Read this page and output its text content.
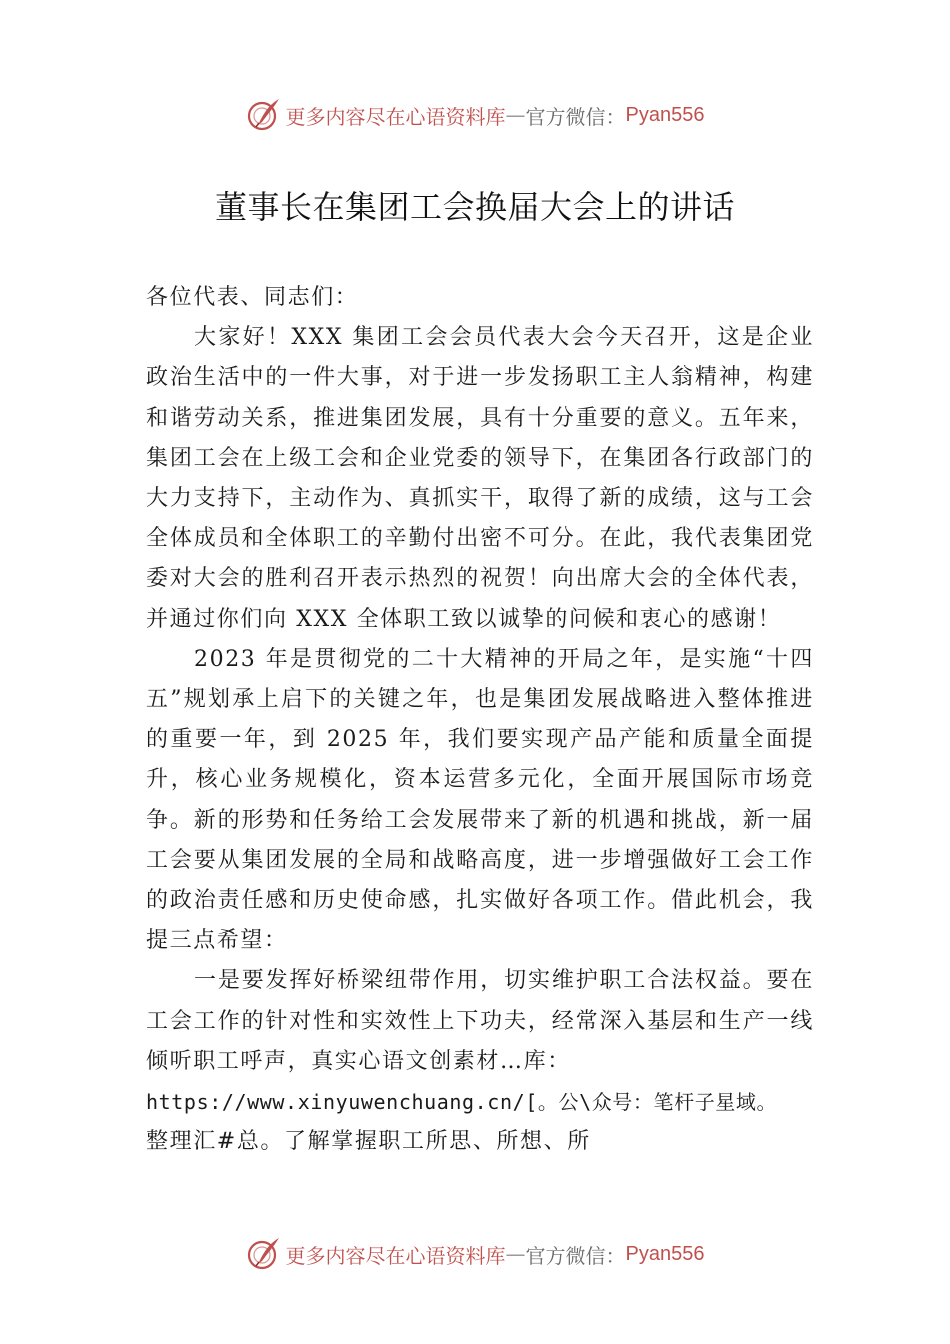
更多内容尽在心语资料库 — 官方微信： Pyan556
董事长在集团工会换届大会上的讲话

各位代表、同志们：

大家好！XXX 集团工会会员代表大会今天召开，这是企业政治生活中的一件大事，对于进一步发扬职工主人翁精神，构建和谐劳动关系，推进集团发展，具有十分重要的意义。五年来，集团工会在上级工会和企业党委的领导下，在集团各行政部门的大力支持下，主动作为、真抓实干，取得了新的成绩，这与工会全体成员和全体职工的辛勤付出密不可分。在此，我代表集团党委对大会的胜利召开表示热烈的祝贺！向出席大会的全体代表，并通过你们向 XXX 全体职工致以诚挚的问候和衷心的感谢！

2023 年是贯彻党的二十大精神的开局之年，是实施“十四五”规划承上启下的关键之年，也是集团发展战略进入整体推进的重要一年，到 2025 年，我们要实现产品产能和质量全面提升，核心业务规模化，资本运营多元化，全面开展国际市场竞争。新的形势和任务给工会发展带来了新的机遇和挑战，新一届工会要从集团发展的全局和战略高度，进一步增强做好工会工作的政治责任感和历史使命感，扎实做好各项工作。借此机会，我提三点希望：

一是要发挥好桥梁纽带作用，切实维护职工合法权益。要在工会工作的针对性和实效性上下功夫，经常深入基层和生产一线倾听职工呼声，真实心语文创素材…库：

https://www.xinyuwenchuang.cn/[。公\众号：笔杆子星域。

整理汇#总。了解掌握职工所思、所想、所

更多内容尽在心语资料库 — 官方微信： Pyan556
